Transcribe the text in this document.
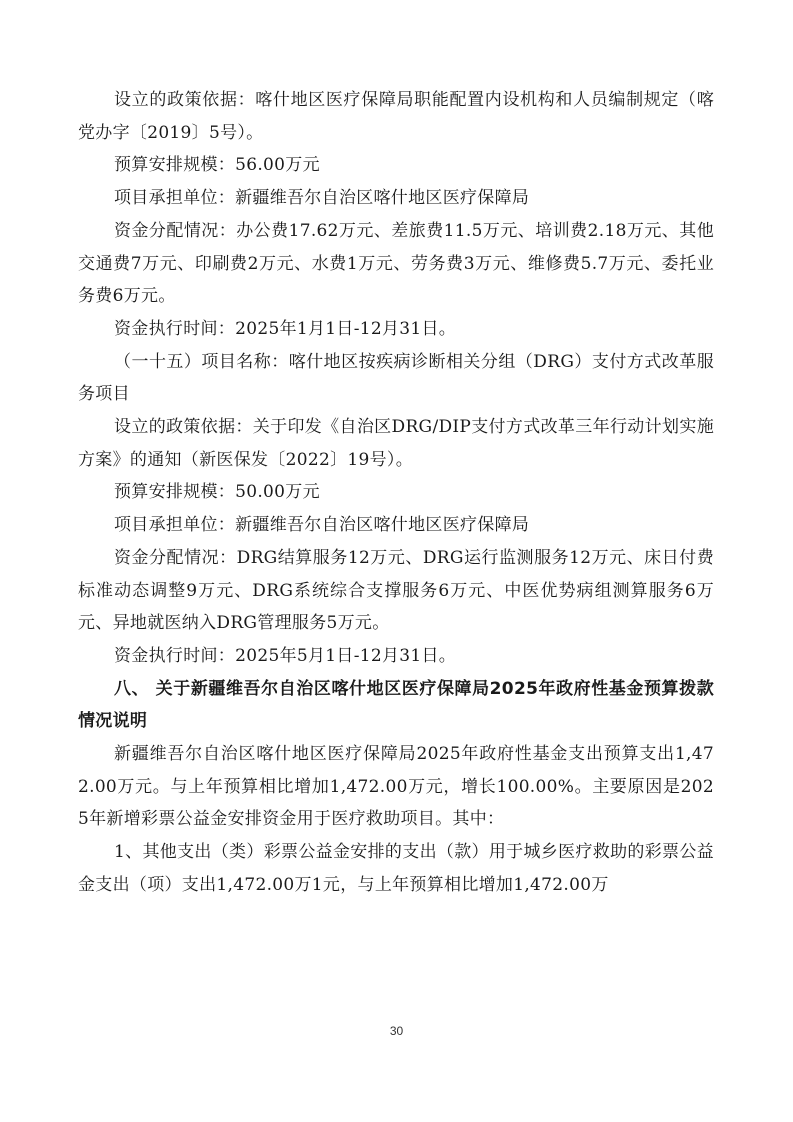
设立的政策依据：喀什地区医疗保障局职能配置内设机构和人员编制规定（喀党办字〔2019〕5号）。

预算安排规模：56.00万元

项目承担单位：新疆维吾尔自治区喀什地区医疗保障局

资金分配情况：办公费17.62万元、差旅费11.5万元、培训费2.18万元、其他交通费7万元、印刷费2万元、水费1万元、劳务费3万元、维修费5.7万元、委托业务费6万元。

资金执行时间：2025年1月1日-12月31日。

（一十五）项目名称：喀什地区按疾病诊断相关分组（DRG）支付方式改革服务项目

设立的政策依据：关于印发《自治区DRG/DIP支付方式改革三年行动计划实施方案》的通知（新医保发〔2022〕19号）。

预算安排规模：50.00万元

项目承担单位：新疆维吾尔自治区喀什地区医疗保障局

资金分配情况：DRG结算服务12万元、DRG运行监测服务12万元、床日付费标准动态调整9万元、DRG系统综合支撑服务6万元、中医优势病组测算服务6万元、异地就医纳入DRG管理服务5万元。

资金执行时间：2025年5月1日-12月31日。

八、 关于新疆维吾尔自治区喀什地区医疗保障局2025年政府性基金预算拨款情况说明

新疆维吾尔自治区喀什地区医疗保障局2025年政府性基金支出预算支出1,472.00万元。与上年预算相比增加1,472.00万元，增长100.00%。主要原因是2025年新增彩票公益金安排资金用于医疗救助项目。其中：

1、其他支出（类）彩票公益金安排的支出（款）用于城乡医疗救助的彩票公益金支出（项）支出1,472.00万1元，与上年预算相比增加1,472.00万

30
